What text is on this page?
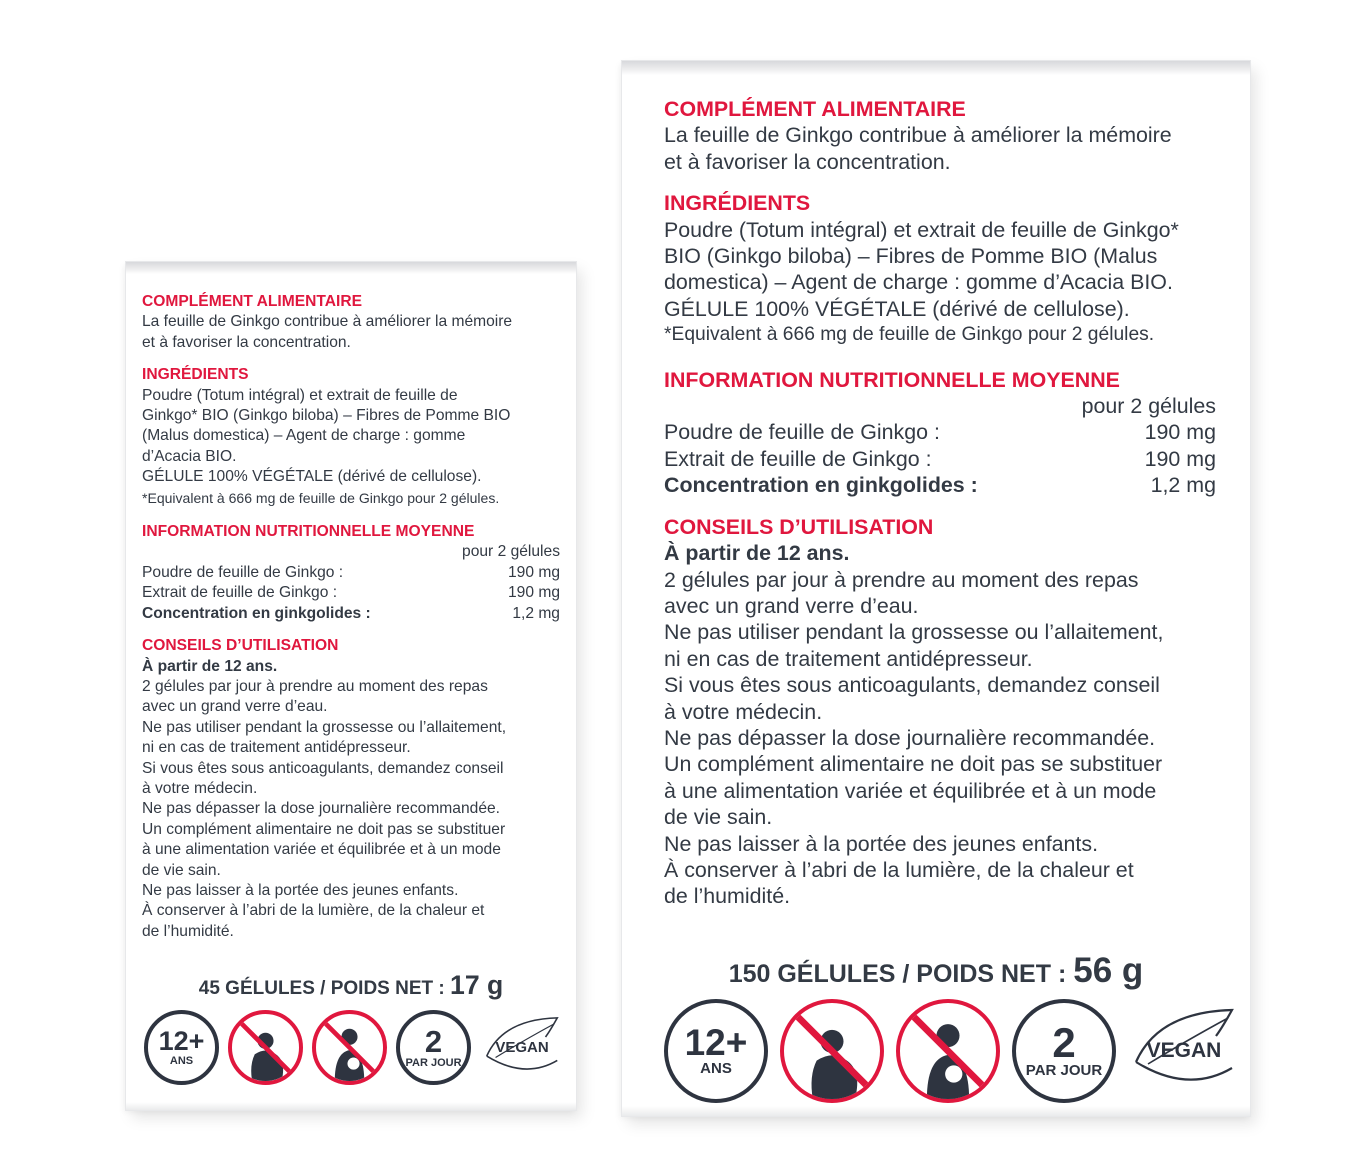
COMPLÉMENT ALIMENTAIRE
La feuille de Ginkgo contribue à améliorer la mémoire
et à favoriser la concentration.
INGRÉDIENTS
Poudre (Totum intégral) et extrait de feuille de
Ginkgo* BIO (Ginkgo biloba) – Fibres de Pomme BIO
(Malus domestica) – Agent de charge : gomme
d’Acacia BIO.
GÉLULE 100% VÉGÉTALE (dérivé de cellulose).
*Equivalent à 666 mg de feuille de Ginkgo pour 2 gélules.
INFORMATION NUTRITIONNELLE MOYENNE
pour 2 gélules
Poudre de feuille de Ginkgo :	190 mg
Extrait de feuille de Ginkgo :	190 mg
Concentration en ginkgolides :	1,2 mg
CONSEILS D’UTILISATION
À partir de 12 ans.
2 gélules par jour à prendre au moment des repas
avec un grand verre d’eau.
Ne pas utiliser pendant la grossesse ou l’allaitement,
ni en cas de traitement antidépresseur.
Si vous êtes sous anticoagulants, demandez conseil
à votre médecin.
Ne pas dépasser la dose journalière recommandée.
Un complément alimentaire ne doit pas se substituer
à une alimentation variée et équilibrée et à un mode
de vie sain.
Ne pas laisser à la portée des jeunes enfants.
À conserver à l’abri de la lumière, de la chaleur et
de l’humidité.
45 GÉLULES / POIDS NET : 17 g
12+
ANS
2
PAR JOUR
VEGAN
COMPLÉMENT ALIMENTAIRE
La feuille de Ginkgo contribue à améliorer la mémoire
et à favoriser la concentration.
INGRÉDIENTS
Poudre (Totum intégral) et extrait de feuille de Ginkgo*
BIO (Ginkgo biloba) – Fibres de Pomme BIO (Malus
domestica) – Agent de charge : gomme d’Acacia BIO.
GÉLULE 100% VÉGÉTALE (dérivé de cellulose).
*Equivalent à 666 mg de feuille de Ginkgo pour 2 gélules.
INFORMATION NUTRITIONNELLE MOYENNE
pour 2 gélules
Poudre de feuille de Ginkgo :	190 mg
Extrait de feuille de Ginkgo :	190 mg
Concentration en ginkgolides :	1,2 mg
CONSEILS D’UTILISATION
À partir de 12 ans.
2 gélules par jour à prendre au moment des repas
avec un grand verre d’eau.
Ne pas utiliser pendant la grossesse ou l’allaitement,
ni en cas de traitement antidépresseur.
Si vous êtes sous anticoagulants, demandez conseil
à votre médecin.
Ne pas dépasser la dose journalière recommandée.
Un complément alimentaire ne doit pas se substituer
à une alimentation variée et équilibrée et à un mode
de vie sain.
Ne pas laisser à la portée des jeunes enfants.
À conserver à l’abri de la lumière, de la chaleur et
de l’humidité.
150 GÉLULES / POIDS NET : 56 g
12+
ANS
2
PAR JOUR
VEGAN
